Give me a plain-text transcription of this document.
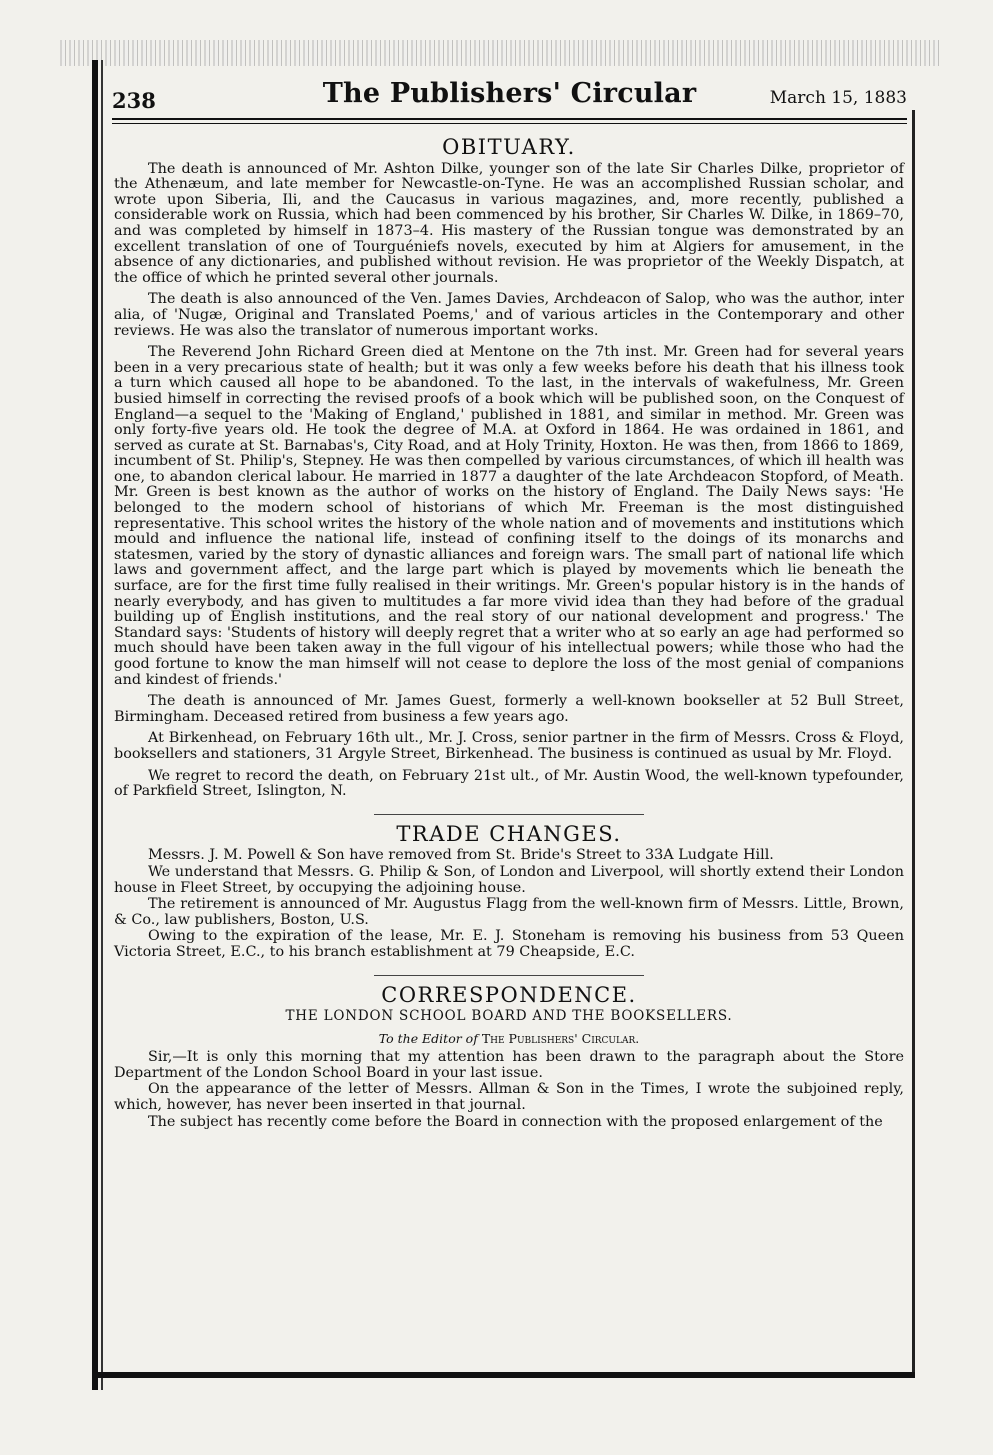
238	The Publishers' Circular	March 15, 1883
OBITUARY.

The death is announced of Mr. Ashton Dilke, younger son of the late Sir Charles Dilke, proprietor of the Athenæum, and late member for Newcastle-on-Tyne. He was an accomplished Russian scholar, and wrote upon Siberia, Ili, and the Caucasus in various magazines, and, more recently, published a considerable work on Russia, which had been commenced by his brother, Sir Charles W. Dilke, in 1869–70, and was completed by himself in 1873–4. His mastery of the Russian tongue was demonstrated by an excellent translation of one of Tourguéniefs novels, executed by him at Algiers for amusement, in the absence of any dictionaries, and published without revision. He was proprietor of the Weekly Dispatch, at the office of which he printed several other journals.

The death is also announced of the Ven. James Davies, Archdeacon of Salop, who was the author, inter alia, of 'Nugæ, Original and Translated Poems,' and of various articles in the Contemporary and other reviews. He was also the translator of numerous important works.

The Reverend John Richard Green died at Mentone on the 7th inst. Mr. Green had for several years been in a very precarious state of health; but it was only a few weeks before his death that his illness took a turn which caused all hope to be abandoned. To the last, in the intervals of wakefulness, Mr. Green busied himself in correcting the revised proofs of a book which will be published soon, on the Conquest of England—a sequel to the 'Making of England,' published in 1881, and similar in method. Mr. Green was only forty-five years old. He took the degree of M.A. at Oxford in 1864. He was ordained in 1861, and served as curate at St. Barnabas's, City Road, and at Holy Trinity, Hoxton. He was then, from 1866 to 1869, incumbent of St. Philip's, Stepney. He was then compelled by various circumstances, of which ill health was one, to abandon clerical labour. He married in 1877 a daughter of the late Archdeacon Stopford, of Meath. Mr. Green is best known as the author of works on the history of England. The Daily News says: 'He belonged to the modern school of historians of which Mr. Freeman is the most distinguished representative. This school writes the history of the whole nation and of movements and institutions which mould and influence the national life, instead of confining itself to the doings of its monarchs and statesmen, varied by the story of dynastic alliances and foreign wars. The small part of national life which laws and government affect, and the large part which is played by movements which lie beneath the surface, are for the first time fully realised in their writings. Mr. Green's popular history is in the hands of nearly everybody, and has given to multitudes a far more vivid idea than they had before of the gradual building up of English institutions, and the real story of our national development and progress.' The Standard says: 'Students of history will deeply regret that a writer who at so early an age had performed so much should have been taken away in the full vigour of his intellectual powers; while those who had the good fortune to know the man himself will not cease to deplore the loss of the most genial of companions and kindest of friends.'

The death is announced of Mr. James Guest, formerly a well-known bookseller at 52 Bull Street, Birmingham. Deceased retired from business a few years ago.

At Birkenhead, on February 16th ult., Mr. J. Cross, senior partner in the firm of Messrs. Cross & Floyd, booksellers and stationers, 31 Argyle Street, Birkenhead. The business is continued as usual by Mr. Floyd.

We regret to record the death, on February 21st ult., of Mr. Austin Wood, the well-known typefounder, of Parkfield Street, Islington, N.

TRADE CHANGES.

Messrs. J. M. Powell & Son have removed from St. Bride's Street to 33A Ludgate Hill.

We understand that Messrs. G. Philip & Son, of London and Liverpool, will shortly extend their London house in Fleet Street, by occupying the adjoining house.

The retirement is announced of Mr. Augustus Flagg from the well-known firm of Messrs. Little, Brown, & Co., law publishers, Boston, U.S.

Owing to the expiration of the lease, Mr. E. J. Stoneham is removing his business from 53 Queen Victoria Street, E.C., to his branch establishment at 79 Cheapside, E.C.

CORRESPONDENCE.
THE LONDON SCHOOL BOARD AND THE BOOKSELLERS.
To the Editor of The Publishers' Circular.

Sir,—It is only this morning that my attention has been drawn to the paragraph about the Store Department of the London School Board in your last issue.

On the appearance of the letter of Messrs. Allman & Son in the Times, I wrote the subjoined reply, which, however, has never been inserted in that journal.

The subject has recently come before the Board in connection with the proposed enlargement of the
